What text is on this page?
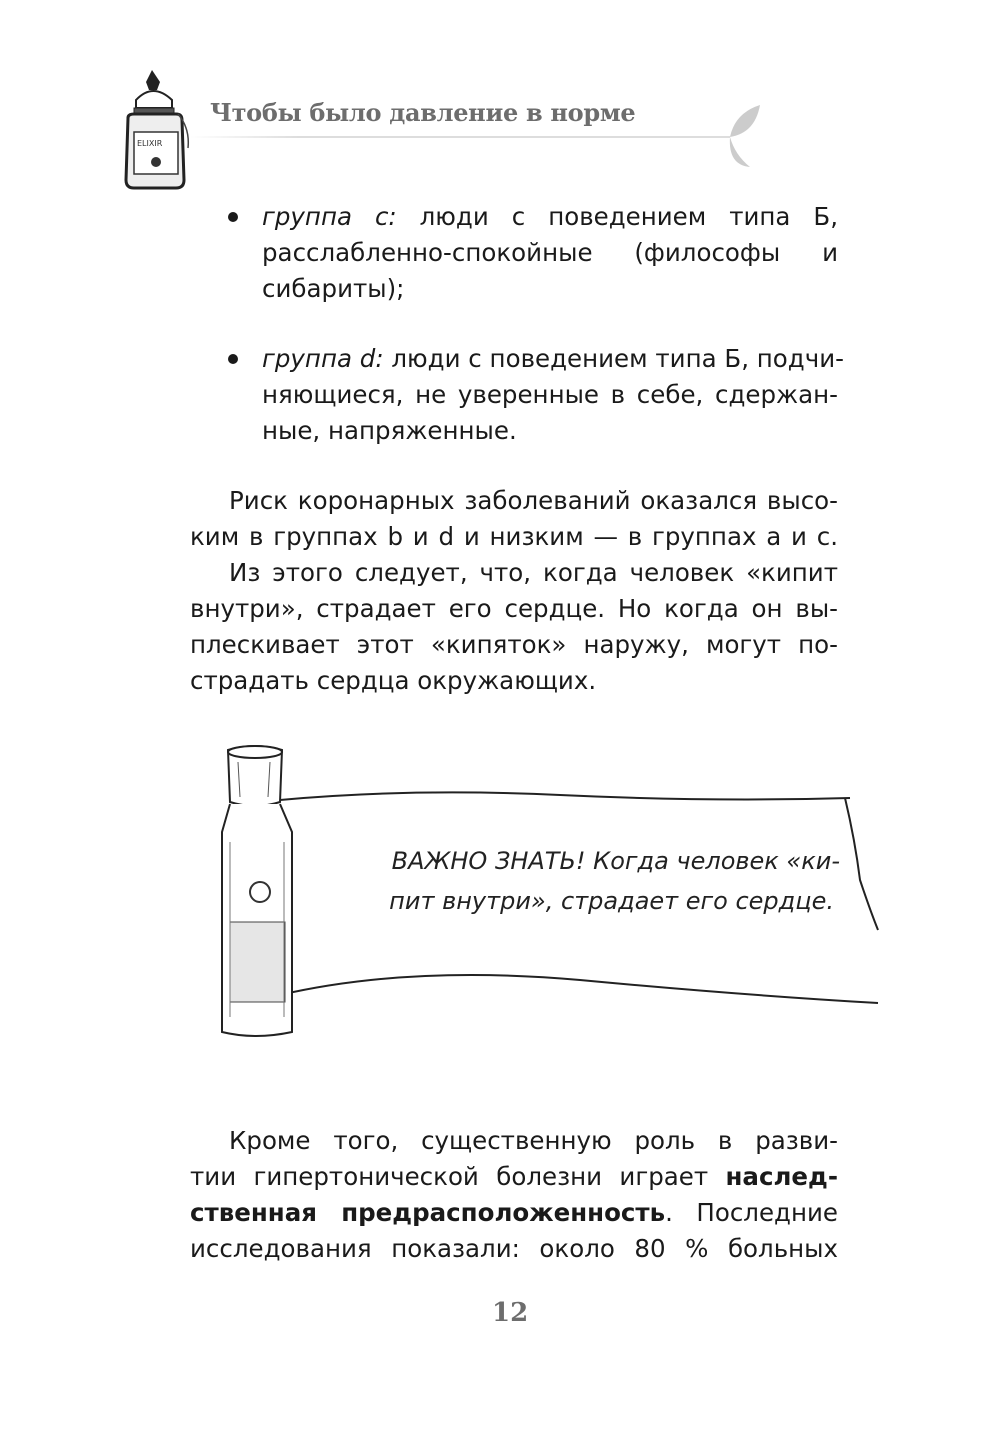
ELIXIR
Чтобы было давление в норме
группа c: люди с поведением типа Б,
расслабленно-спокойные (философы и
сибариты);
группа d: люди с поведением типа Б, подчи-
няющиеся, не уверенные в себе, сдержан-
ные, напряженные.
Риск коронарных заболеваний оказался высо-
ким в группах b и d и низким — в группах а и с.
Из этого следует, что, когда человек «кипит
внутри», страдает его сердце. Но когда он вы-
плескивает этот «кипяток» наружу, могут по-
страдать сердца окружающих.
ВАЖНО ЗНАТЬ! Когда человек «ки-
пит внутри», страдает его сердце.
Кроме того, существенную роль в разви-
тии гипертонической болезни играет наслед-
ственная предрасположенность. Последние
исследования показали: около 80 % больных
12
